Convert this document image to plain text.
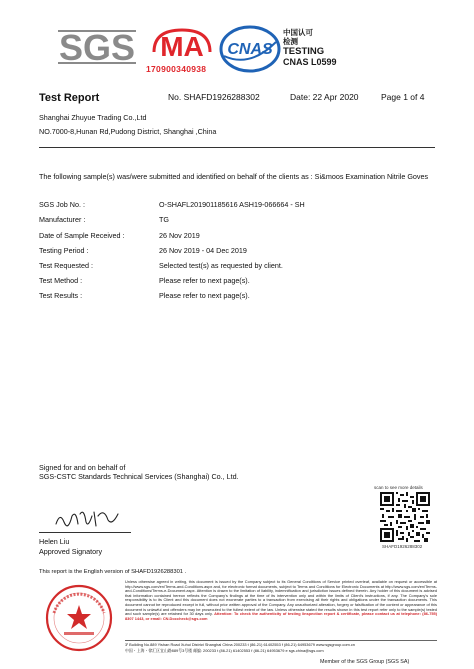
SGS MA
170900340938
CNAS
中国认可
检测
TESTING
CNAS L0599
Test Report	No. SHAFD1926288302	Date: 22 Apr 2020	Page 1 of 4
Shanghai Zhuyue Trading Co.,Ltd
NO.7000-8,Hunan Rd,Pudong District, Shanghai ,China
The following sample(s) was/were submitted and identified on behalf of the clients as : Si&moos Examination Nitrile Goves
SGS Job No. :	O-SHAFL201901185616 ASH19-066664 - SH
Manufacturer :	TG
Date of Sample Received :	26 Nov 2019
Testing Period :	26 Nov 2019 - 04 Dec 2019
Test Requested :	Selected test(s) as requested by client.
Test Method :	Please refer to next page(s).
Test Results :	Please refer to next page(s).
Signed for and on behalf of
SGS-CSTC Standards Technical Services (Shanghai) Co., Ltd.
scan to see more details
SHAFD1926288302
Helen Liu
Approved Signatory
This report is the English version of SHAFD1926288301 .
Unless otherwise agreed in writing, this document is issued by the Company subject to its General Conditions of Service printed overleaf, available on request or accessible at http://www.sgs.com/en/Terms-and-Conditions.aspx and, for electronic format documents, subject to Terms and Conditions for Electronic Documents at http://www.sgs.com/en/Terms-and-Conditions/Terms-e-Document.aspx. Attention is drawn to the limitation of liability, indemnification and jurisdiction issues defined therein. Any holder of this document is advised that information contained hereon reflects the Company's findings at the time of its intervention only and within the limits of Client's instructions, if any. The Company's sole responsibility is to its Client and this document does not exonerate parties to a transaction from exercising all their rights and obligations under the transaction documents. This document cannot be reproduced except in full, without prior written approval of the Company. Any unauthorized alteration, forgery or falsification of the content or appearance of this document is unlawful and offenders may be prosecuted to the fullest extent of the law. Unless otherwise stated the results shown in this test report refer only to the sample(s) tested and such sample(s) are retained for 30 days only. Attention: To check the authenticity of testing /inspection report & certificate, please contact us at telephone: (86-755) 8307 1443, or email: CN.Doccheck@sgs.com
3ᶠ Building No.889 Yishan Road Xuhui District Shanghai China 200233 t (86-21) 61402553 f (86-21) 64953679 www.sgsgroup.com.cn
中国・上海・徐汇区宜山路889号3号楼 邮编: 200233 t (86-21) 61402553 f (86-21) 64953679 e sgs.china@sgs.com
Member of the SGS Group (SGS SA)
